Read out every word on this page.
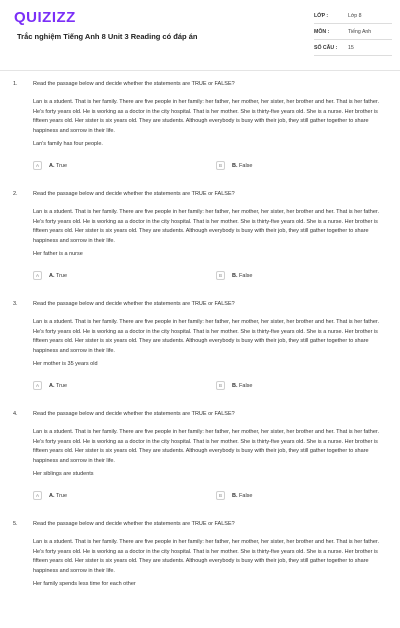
QUIZIZZ
Trắc nghiệm Tiếng Anh 8 Unit 3 Reading có đáp án
LỚP :	Lớp 8
MÔN :	Tiếng Anh
SỐ CÂU :	15
1.	Read the passage below and decide whether the statements are TRUE or FALSE?
Lan is a student. That is her family. There are five people in her family: her father, her mother, her sister, her brother and her. That is her father. He’s forty years old. He is working as a doctor in the city hospital. That is her mother. She is thirty-five years old. She is a nurse. Her brother is fifteen years old. Her sister is six years old. They are students. Although everybody is busy with their job, they still gather together to share happiness and sorrow in their life.
Lan’s family has four people.
A	A. True	B	B. False
2.	Read the passage below and decide whether the statements are TRUE or FALSE?
Lan is a student. That is her family. There are five people in her family: her father, her mother, her sister, her brother and her. That is her father. He’s forty years old. He is working as a doctor in the city hospital. That is her mother. She is thirty-five years old. She is a nurse. Her brother is fifteen years old. Her sister is six years old. They are students. Although everybody is busy with their job, they still gather together to share happiness and sorrow in their life.
Her father is a nurse
A	A. True	B	B. False
3.	Read the passage below and decide whether the statements are TRUE or FALSE?
Lan is a student. That is her family. There are five people in her family: her father, her mother, her sister, her brother and her. That is her father. He’s forty years old. He is working as a doctor in the city hospital. That is her mother. She is thirty-five years old. She is a nurse. Her brother is fifteen years old. Her sister is six years old. They are students. Although everybody is busy with their job, they still gather together to share happiness and sorrow in their life.
Her mother is 35 years old
A	A. True	B	B. False
4.	Read the passage below and decide whether the statements are TRUE or FALSE?
Lan is a student. That is her family. There are five people in her family: her father, her mother, her sister, her brother and her. That is her father. He’s forty years old. He is working as a doctor in the city hospital. That is her mother. She is thirty-five years old. She is a nurse. Her brother is fifteen years old. Her sister is six years old. They are students. Although everybody is busy with their job, they still gather together to share happiness and sorrow in their life.
Her siblings are students
A	A. True	B	B. False
5.	Read the passage below and decide whether the statements are TRUE or FALSE?
Lan is a student. That is her family. There are five people in her family: her father, her mother, her sister, her brother and her. That is her father. He’s forty years old. He is working as a doctor in the city hospital. That is her mother. She is thirty-five years old. She is a nurse. Her brother is fifteen years old. Her sister is six years old. They are students. Although everybody is busy with their job, they still gather together to share happiness and sorrow in their life.
Her family spends less time for each other
